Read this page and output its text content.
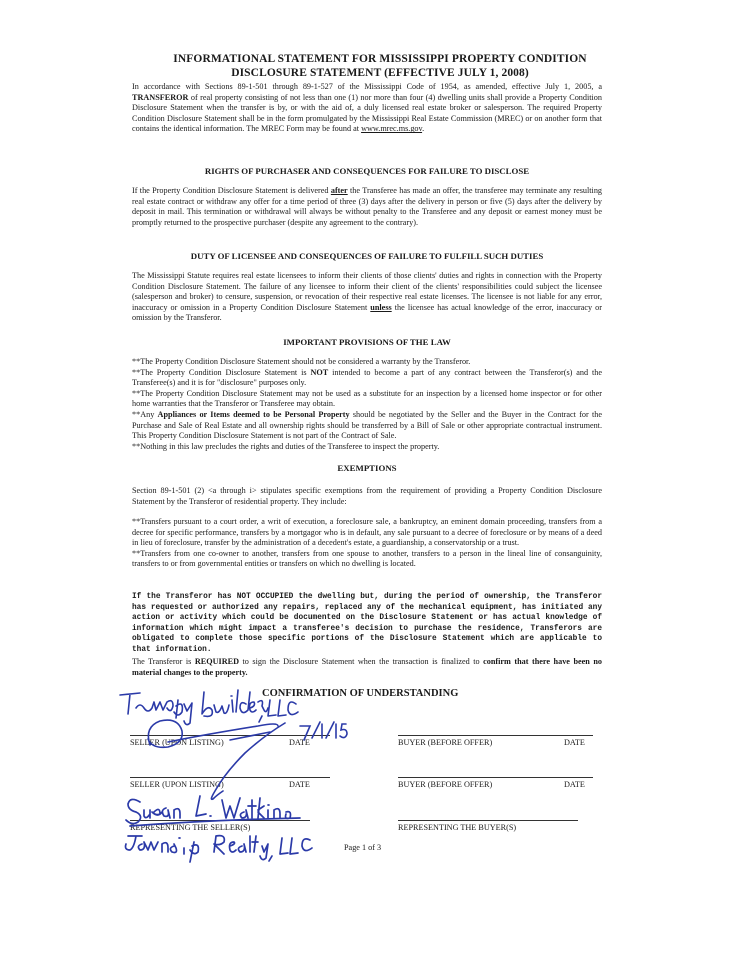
INFORMATIONAL STATEMENT FOR MISSISSIPPI PROPERTY CONDITION
DISCLOSURE STATEMENT (EFFECTIVE JULY 1, 2008)

In accordance with Sections 89-1-501 through 89-1-527 of the Mississippi Code of 1954, as amended, effective July 1, 2005, a TRANSFEROR of real property consisting of not less than one (1) nor more than four (4) dwelling units shall provide a Property Condition Disclosure Statement when the transfer is by, or with the aid of, a duly licensed real estate broker or salesperson. The required Property Condition Disclosure Statement shall be in the form promulgated by the Mississippi Real Estate Commission (MREC) or on another form that contains the identical information. The MREC Form may be found at www.mrec.ms.gov.

RIGHTS OF PURCHASER AND CONSEQUENCES FOR FAILURE TO DISCLOSE

If the Property Condition Disclosure Statement is delivered after the Transferee has made an offer, the transferee may terminate any resulting real estate contract or withdraw any offer for a time period of three (3) days after the delivery in person or five (5) days after the delivery by deposit in mail. This termination or withdrawal will always be without penalty to the Transferee and any deposit or earnest money must be promptly returned to the prospective purchaser (despite any agreement to the contrary).

DUTY OF LICENSEE AND CONSEQUENCES OF FAILURE TO FULFILL SUCH DUTIES

The Mississippi Statute requires real estate licensees to inform their clients of those clients' duties and rights in connection with the Property Condition Disclosure Statement. The failure of any licensee to inform their client of the clients' responsibilities could subject the licensee (salesperson and broker) to censure, suspension, or revocation of their respective real estate licenses. The licensee is not liable for any error, inaccuracy or omission in a Property Condition Disclosure Statement unless the licensee has actual knowledge of the error, inaccuracy or omission by the Transferor.

IMPORTANT PROVISIONS OF THE LAW

**The Property Condition Disclosure Statement should not be considered a warranty by the Transferor.

**The Property Condition Disclosure Statement is NOT intended to become a part of any contract between the Transferor(s) and the Transferee(s) and it is for "disclosure" purposes only.

**The Property Condition Disclosure Statement may not be used as a substitute for an inspection by a licensed home inspector or for other home warranties that the Transferor or Transferee may obtain.

**Any Appliances or Items deemed to be Personal Property should be negotiated by the Seller and the Buyer in the Contract for the Purchase and Sale of Real Estate and all ownership rights should be transferred by a Bill of Sale or other appropriate contractual instrument. This Property Condition Disclosure Statement is not part of the Contract of Sale.

**Nothing in this law precludes the rights and duties of the Transferee to inspect the property.

EXEMPTIONS
Section 89-1-501 (2) <a through i> stipulates specific exemptions from the requirement of providing a Property Condition Disclosure Statement by the Transferor of residential property. They include:

**Transfers pursuant to a court order, a writ of execution, a foreclosure sale, a bankruptcy, an eminent domain proceeding, transfers from a decree for specific performance, transfers by a mortgagor who is in default, any sale pursuant to a decree of foreclosure or by means of a deed in lieu of foreclosure, transfer by the administration of a decedent's estate, a guardianship, a conservatorship or a trust.

**Transfers from one co-owner to another, transfers from one spouse to another, transfers to a person in the lineal line of consanguinity, transfers to or from governmental entities or transfers on which no dwelling is located.

If the Transferor has NOT OCCUPIED the dwelling but, during the period of ownership, the Transferor has requested or authorized any repairs, replaced any of the mechanical equipment, has initiated any action or activity which could be documented on the Disclosure Statement or has actual knowledge of information which might impact a transferee's decision to purchase the residence, Transferors are obligated to complete those specific portions of the Disclosure Statement which are applicable to that information.

The Transferor is REQUIRED to sign the Disclosure Statement when the transaction is finalized to confirm that there have been no material changes to the property.

CONFIRMATION OF UNDERSTANDING
SELLER (UPON LISTING)	DATE	BUYER (BEFORE OFFER)	DATE
SELLER (UPON LISTING)	DATE	BUYER (BEFORE OFFER)	DATE
REPRESENTING THE SELLER(S)	REPRESENTING THE BUYER(S)
Page 1 of 3
